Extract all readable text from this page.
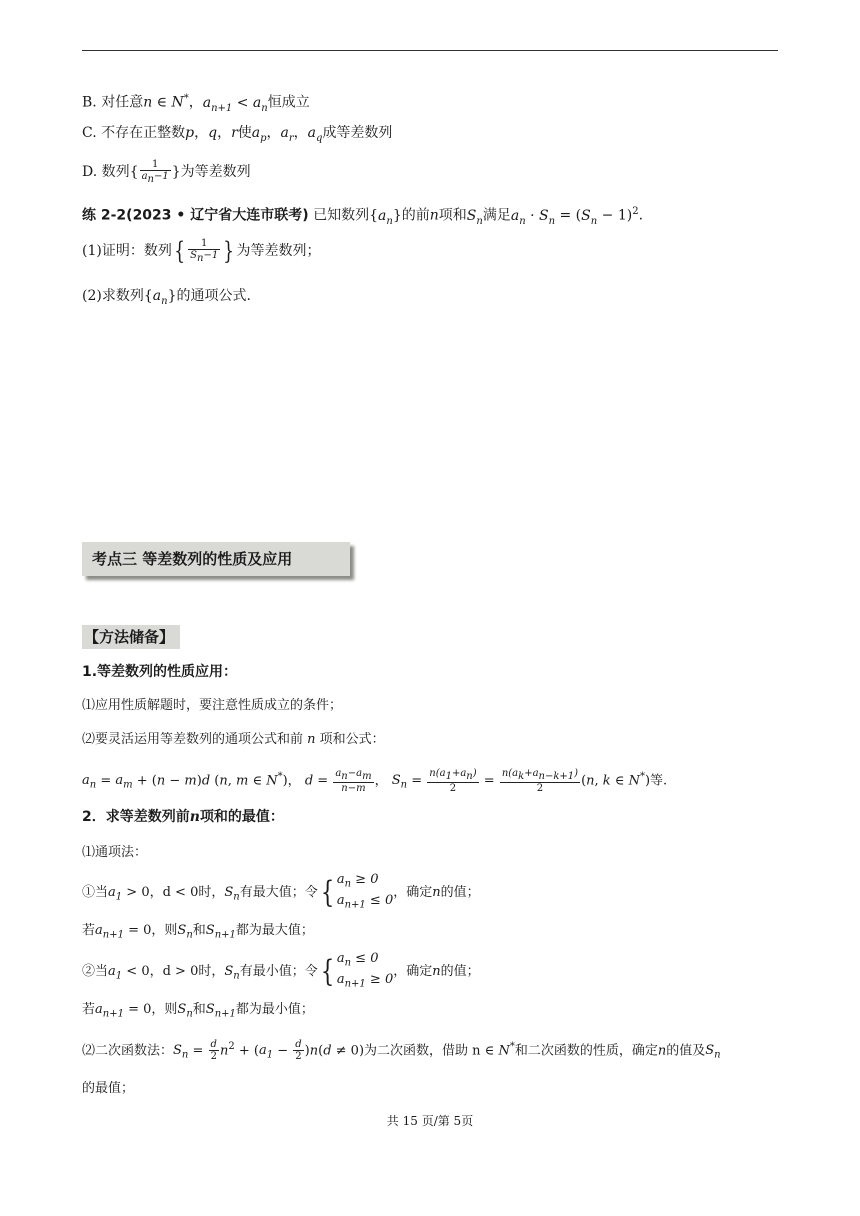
B. 对任意n ∈ N*，$a_{n+1} < a_n$恒成立
C. 不存在正整数p，q，r使$a_p$，$a_r$，$a_q$成等差数列
D. 数列{ $\frac{1}{a_n-1}$ }为等差数列
练 2-2(2023 • 辽宁省大连市联考) 已知数列$\{a_n\}$的前n项和$S_n$满足$a_n \cdot S_n = (S_n - 1)^2$.
(1)证明：数列{ $\frac{1}{S_n-1}$ } 为等差数列；
(2)求数列$\{a_n\}$的通项公式.
考点三 等差数列的性质及应用
【方法储备】
1.等差数列的性质应用：
⑴应用性质解题时，要注意性质成立的条件；
⑵要灵活运用等差数列的通项公式和前 n 项和公式：
$a_n = a_m + (n - m)d$ (n, m ∈ N*)， $d = \frac{a_n-a_m}{n-m}$ ， $S_n = \frac{n(a_1+a_n)}{2} = \frac{n(a_k+a_{n-k+1})}{2} (n$, k ∈ N*)等.
2．求等差数列前n项和的最值：
⑴通项法：
①当$a_1 > 0$，d < 0时，$S_n$有最大值；令{ $a_n \ge 0$
$a_{n+1} \le 0$ ，确定n的值；
若$a_{n+1} = 0$，则$S_n$和$S_{n+1}$都为最大值；
②当$a_1 < 0$，d > 0时，$S_n$有最小值；令{ $a_n \le 0$
$a_{n+1} \ge 0$ ，确定n的值；
若$a_{n+1} = 0$，则$S_n$和$S_{n+1}$都为最小值；
⑵二次函数法：$S_n = \frac{d}{2} n^2 + (a_1 - \frac{d}{2} )n(d \ne 0)$为二次函数，借助 n ∈ N*和二次函数的性质，确定n的值及$S_n$
的最值；
共 15 页/第 5页
